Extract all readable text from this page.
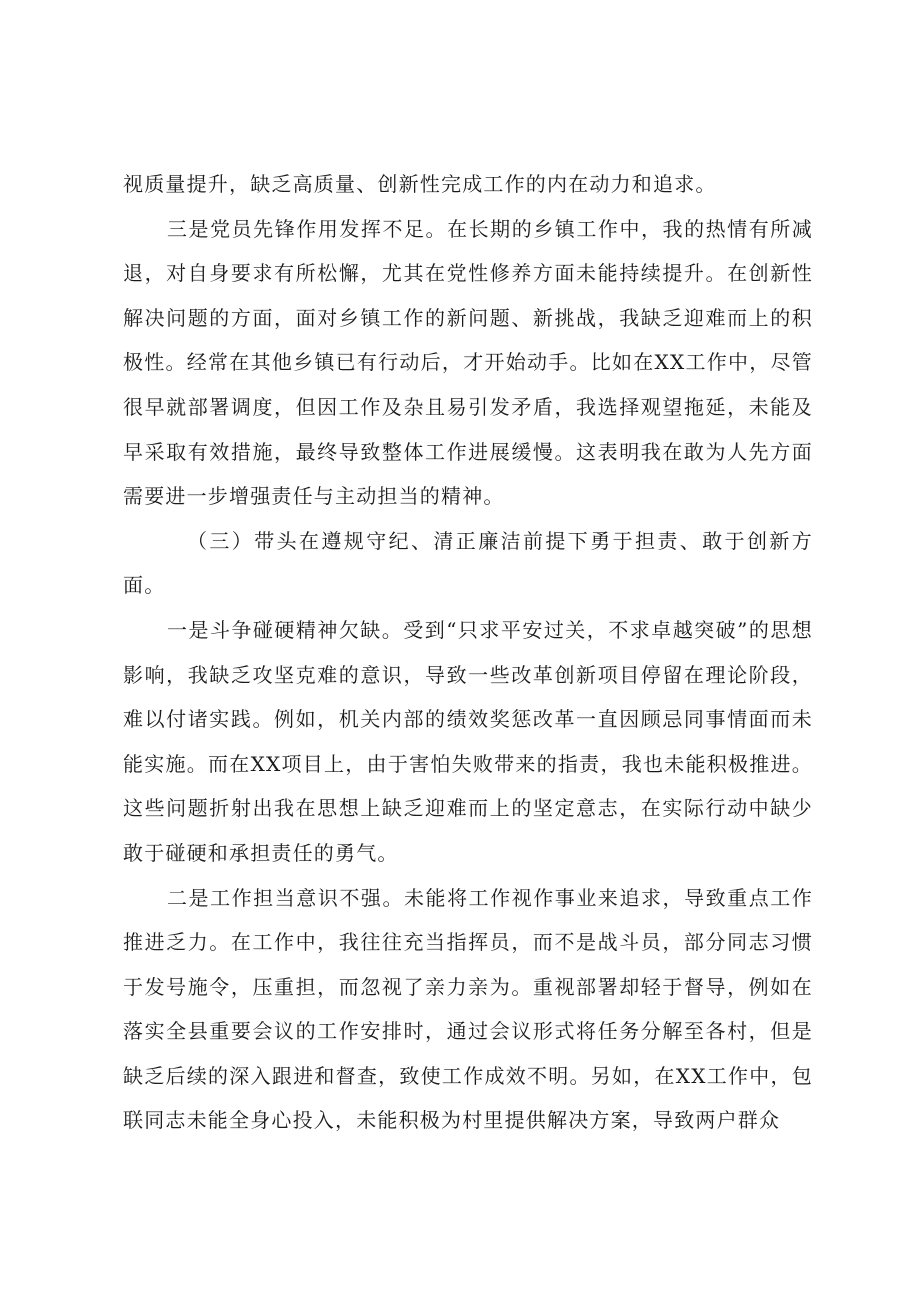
视质量提升，缺乏高质量、创新性完成工作的内在动力和追求。

三是党员先锋作用发挥不足。在长期的乡镇工作中，我的热情有所减退，对自身要求有所松懈，尤其在党性修养方面未能持续提升。在创新性解决问题的方面，面对乡镇工作的新问题、新挑战，我缺乏迎难而上的积极性。经常在其他乡镇已有行动后，才开始动手。比如在XX工作中，尽管很早就部署调度，但因工作及杂且易引发矛盾，我选择观望拖延，未能及早采取有效措施，最终导致整体工作进展缓慢。这表明我在敢为人先方面需要进一步增强责任与主动担当的精神。

（三）带头在遵规守纪、清正廉洁前提下勇于担责、敢于创新方面。

一是斗争碰硬精神欠缺。受到“只求平安过关，不求卓越突破”的思想影响，我缺乏攻坚克难的意识，导致一些改革创新项目停留在理论阶段，难以付诸实践。例如，机关内部的绩效奖惩改革一直因顾忌同事情面而未能实施。而在XX项目上，由于害怕失败带来的指责，我也未能积极推进。这些问题折射出我在思想上缺乏迎难而上的坚定意志，在实际行动中缺少敢于碰硬和承担责任的勇气。

二是工作担当意识不强。未能将工作视作事业来追求，导致重点工作推进乏力。在工作中，我往往充当指挥员，而不是战斗员，部分同志习惯于发号施令，压重担，而忽视了亲力亲为。重视部署却轻于督导，例如在落实全县重要会议的工作安排时，通过会议形式将任务分解至各村，但是缺乏后续的深入跟进和督查，致使工作成效不明。另如，在XX工作中，包联同志未能全身心投入，未能积极为村里提供解决方案，导致两户群众
